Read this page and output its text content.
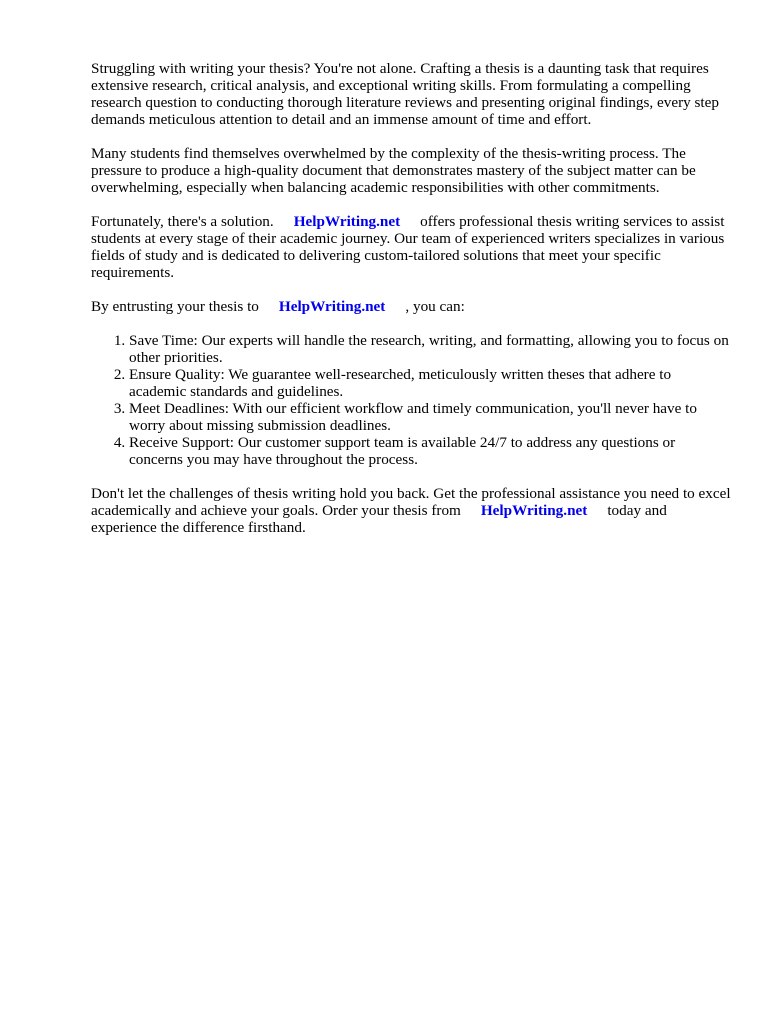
Struggling with writing your thesis? You're not alone. Crafting a thesis is a daunting task that requires extensive research, critical analysis, and exceptional writing skills. From formulating a compelling research question to conducting thorough literature reviews and presenting original findings, every step demands meticulous attention to detail and an immense amount of time and effort.

Many students find themselves overwhelmed by the complexity of the thesis-writing process. The pressure to produce a high-quality document that demonstrates mastery of the subject matter can be overwhelming, especially when balancing academic responsibilities with other commitments.

Fortunately, there's a solution. HelpWriting.net offers professional thesis writing services to assist students at every stage of their academic journey. Our team of experienced writers specializes in various fields of study and is dedicated to delivering custom-tailored solutions that meet your specific requirements.

By entrusting your thesis to HelpWriting.net , you can:

1. Save Time: Our experts will handle the research, writing, and formatting, allowing you to focus on other priorities.
2. Ensure Quality: We guarantee well-researched, meticulously written theses that adhere to academic standards and guidelines.
3. Meet Deadlines: With our efficient workflow and timely communication, you'll never have to worry about missing submission deadlines.
4. Receive Support: Our customer support team is available 24/7 to address any questions or concerns you may have throughout the process.

Don't let the challenges of thesis writing hold you back. Get the professional assistance you need to excel academically and achieve your goals. Order your thesis from HelpWriting.net today and experience the difference firsthand.
